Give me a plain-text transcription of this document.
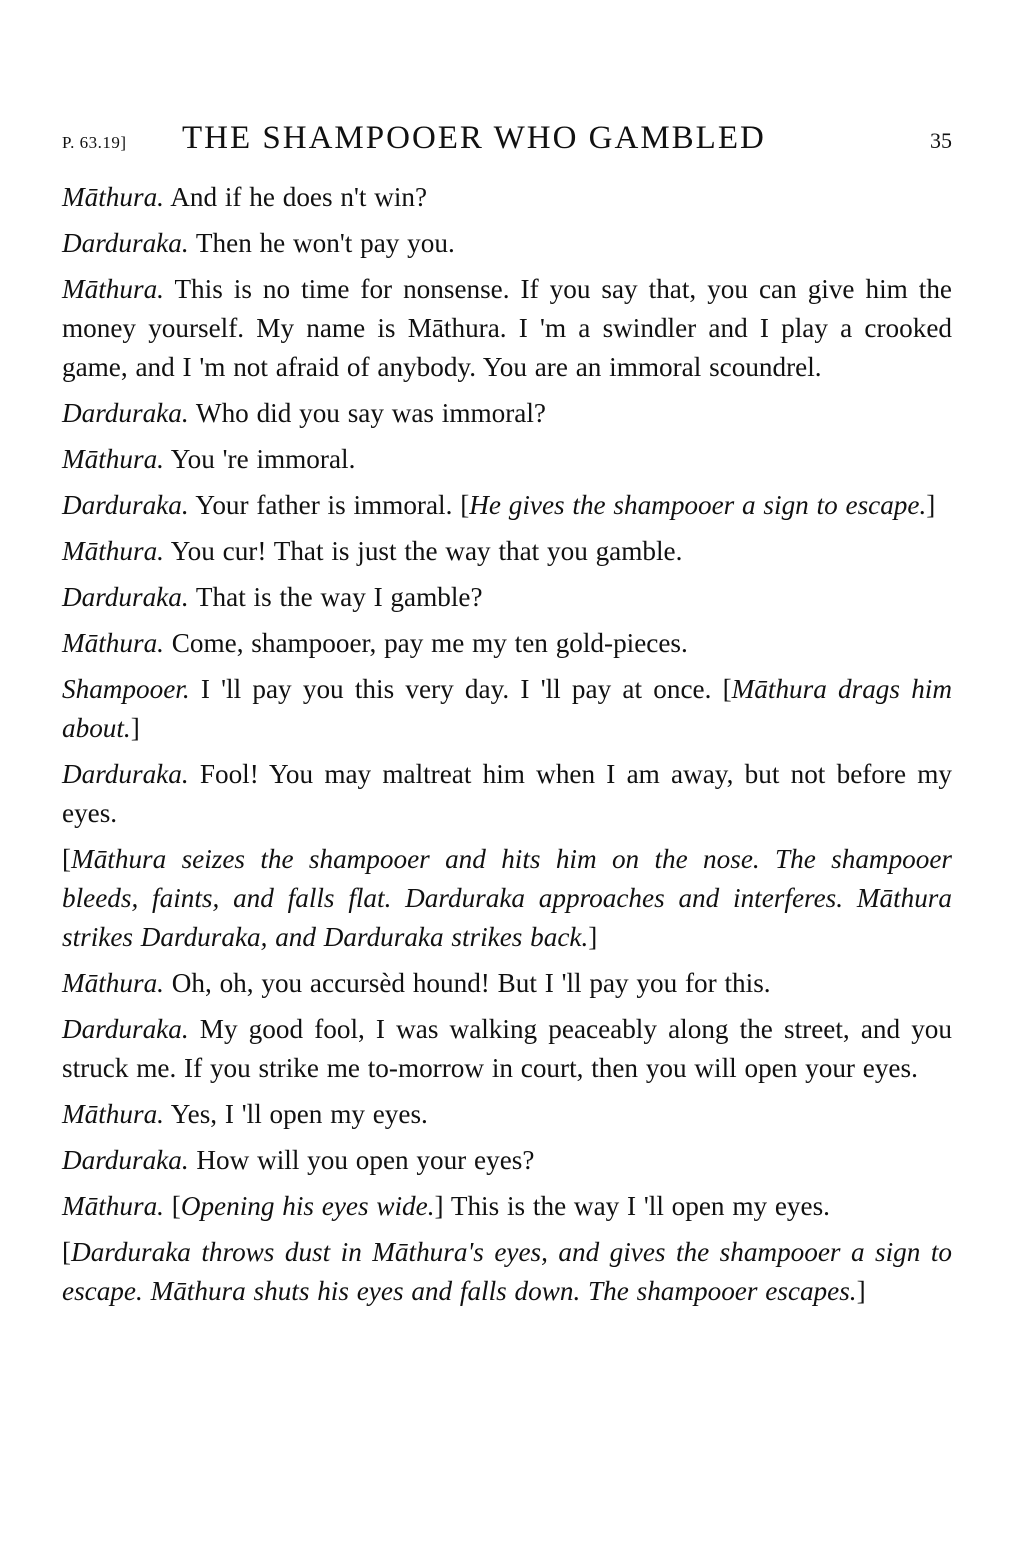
P. 63.19]	THE SHAMPOOER WHO GAMBLED	35

Māthura. And if he does n't win?

Darduraka. Then he won't pay you.

Māthura. This is no time for nonsense. If you say that, you can give him the money yourself. My name is Māthura. I 'm a swindler and I play a crooked game, and I 'm not afraid of anybody. You are an immoral scoundrel.

Darduraka. Who did you say was immoral?

Māthura. You 're immoral.

Darduraka. Your father is immoral. [He gives the shampooer a sign to escape.]

Māthura. You cur! That is just the way that you gamble.

Darduraka. That is the way I gamble?

Māthura. Come, shampooer, pay me my ten gold-pieces.

Shampooer. I 'll pay you this very day. I 'll pay at once. [Māthura drags him about.]

Darduraka. Fool! You may maltreat him when I am away, but not before my eyes.

[Māthura seizes the shampooer and hits him on the nose. The shampooer bleeds, faints, and falls flat. Darduraka approaches and interferes. Māthura strikes Darduraka, and Darduraka strikes back.]

Māthura. Oh, oh, you accursèd hound! But I 'll pay you for this.

Darduraka. My good fool, I was walking peaceably along the street, and you struck me. If you strike me to-morrow in court, then you will open your eyes.

Māthura. Yes, I 'll open my eyes.

Darduraka. How will you open your eyes?

Māthura. [Opening his eyes wide.] This is the way I 'll open my eyes.

[Darduraka throws dust in Māthura's eyes, and gives the shampooer a sign to escape. Māthura shuts his eyes and falls down. The shampooer escapes.]
